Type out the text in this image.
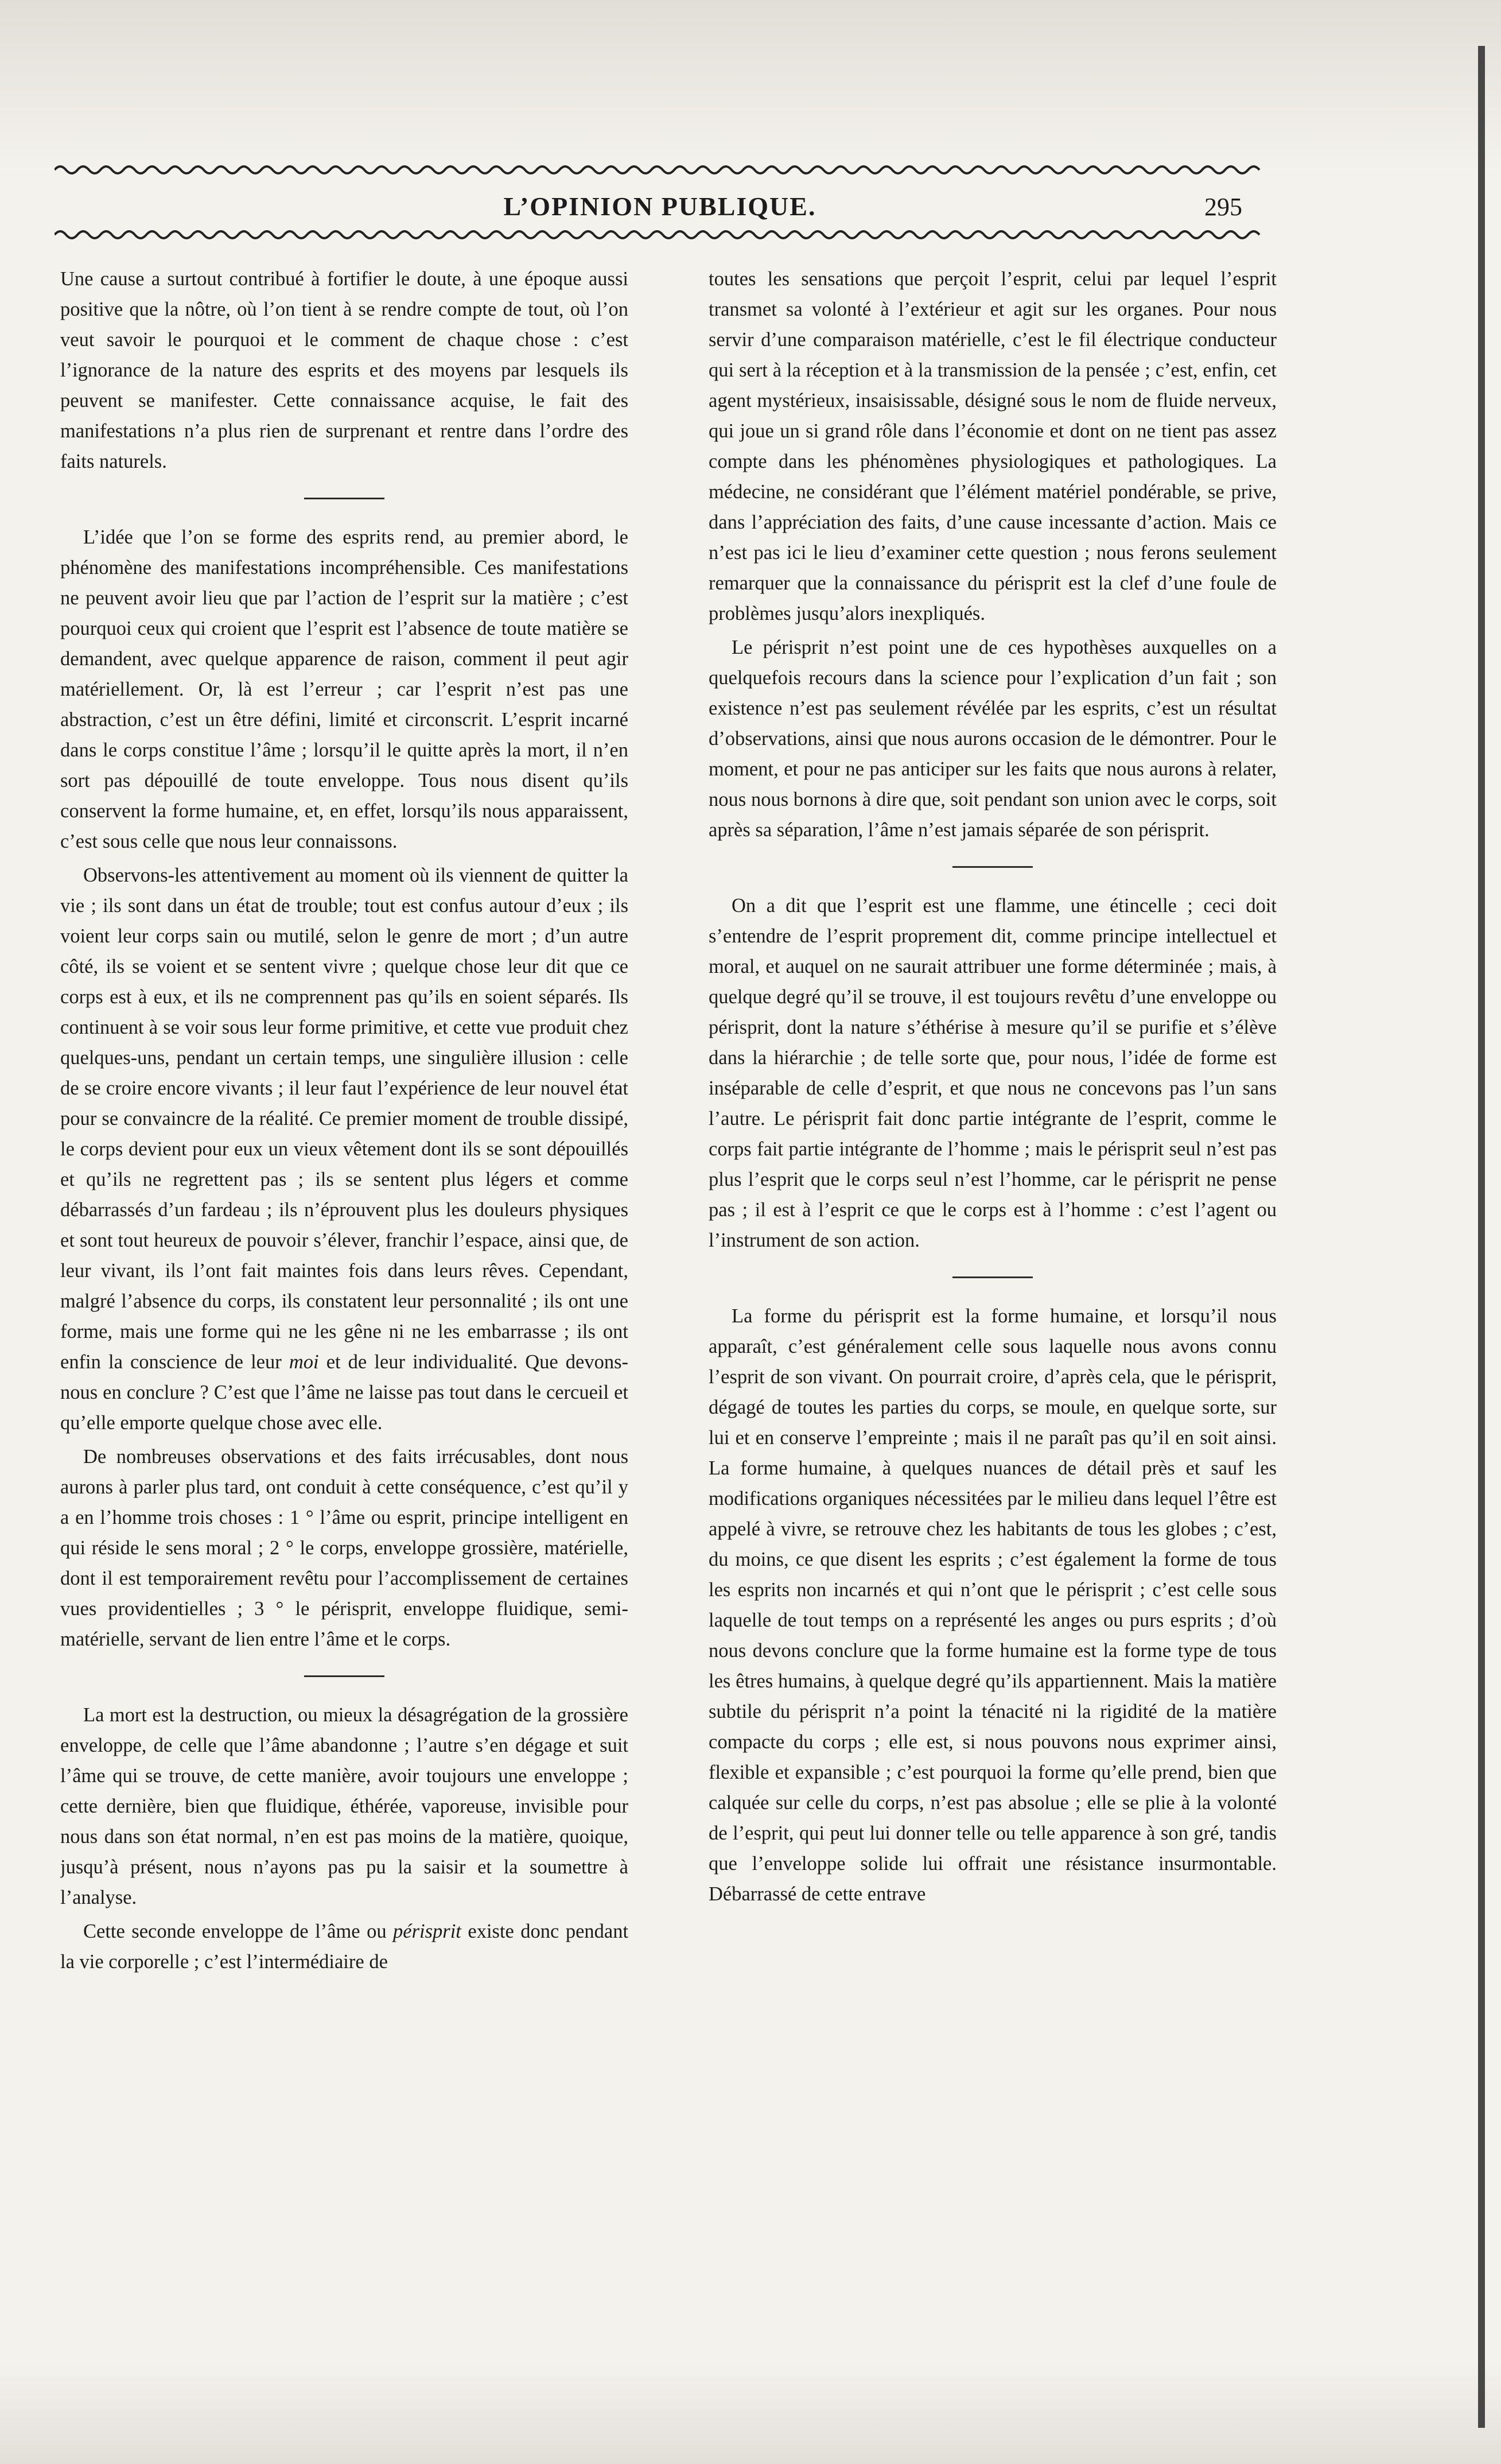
L’OPINION PUBLIQUE.	295

Une cause a surtout contribué à fortifier le doute, à une époque aussi positive que la nôtre, où l’on tient à se rendre compte de tout, où l’on veut savoir le pourquoi et le comment de chaque chose : c’est l’ignorance de la nature des esprits et des moyens par lesquels ils peuvent se manifester. Cette connaissance acquise, le fait des manifestations n’a plus rien de surprenant et rentre dans l’ordre des faits naturels.

L’idée que l’on se forme des esprits rend, au premier abord, le phénomène des manifestations incompréhensible. Ces manifestations ne peuvent avoir lieu que par l’action de l’esprit sur la matière ; c’est pourquoi ceux qui croient que l’esprit est l’absence de toute matière se demandent, avec quelque apparence de raison, comment il peut agir matériellement. Or, là est l’erreur ; car l’esprit n’est pas une abstraction, c’est un être défini, limité et circonscrit. L’esprit incarné dans le corps constitue l’âme ; lorsqu’il le quitte après la mort, il n’en sort pas dépouillé de toute enveloppe. Tous nous disent qu’ils conservent la forme humaine, et, en effet, lorsqu’ils nous apparaissent, c’est sous celle que nous leur connaissons.

Observons-les attentivement au moment où ils viennent de quitter la vie ; ils sont dans un état de trouble; tout est confus autour d’eux ; ils voient leur corps sain ou mutilé, selon le genre de mort ; d’un autre côté, ils se voient et se sentent vivre ; quelque chose leur dit que ce corps est à eux, et ils ne comprennent pas qu’ils en soient séparés. Ils continuent à se voir sous leur forme primitive, et cette vue produit chez quelques-uns, pendant un certain temps, une singulière illusion : celle de se croire encore vivants ; il leur faut l’expérience de leur nouvel état pour se convaincre de la réalité. Ce premier moment de trouble dissipé, le corps devient pour eux un vieux vêtement dont ils se sont dépouillés et qu’ils ne regrettent pas ; ils se sentent plus légers et comme débarrassés d’un fardeau ; ils n’éprouvent plus les douleurs physiques et sont tout heureux de pouvoir s’élever, franchir l’espace, ainsi que, de leur vivant, ils l’ont fait maintes fois dans leurs rêves. Cependant, malgré l’absence du corps, ils constatent leur personnalité ; ils ont une forme, mais une forme qui ne les gêne ni ne les embarrasse ; ils ont enfin la conscience de leur moi et de leur individualité. Que devons-nous en conclure ? C’est que l’âme ne laisse pas tout dans le cercueil et qu’elle emporte quelque chose avec elle.

De nombreuses observations et des faits irrécusables, dont nous aurons à parler plus tard, ont conduit à cette conséquence, c’est qu’il y a en l’homme trois choses : 1 ° l’âme ou esprit, principe intelligent en qui réside le sens moral ; 2 ° le corps, enveloppe grossière, matérielle, dont il est temporairement revêtu pour l’accomplissement de certaines vues providentielles ; 3 ° le périsprit, enveloppe fluidique, semi-matérielle, servant de lien entre l’âme et le corps.

La mort est la destruction, ou mieux la désagrégation de la grossière enveloppe, de celle que l’âme abandonne ; l’autre s’en dégage et suit l’âme qui se trouve, de cette manière, avoir toujours une enveloppe ; cette dernière, bien que fluidique, éthérée, vaporeuse, invisible pour nous dans son état normal, n’en est pas moins de la matière, quoique, jusqu’à présent, nous n’ayons pas pu la saisir et la soumettre à l’analyse.

Cette seconde enveloppe de l’âme ou périsprit existe donc pendant la vie corporelle ; c’est l’intermédiaire de

toutes les sensations que perçoit l’esprit, celui par lequel l’esprit transmet sa volonté à l’extérieur et agit sur les organes. Pour nous servir d’une comparaison matérielle, c’est le fil électrique conducteur qui sert à la réception et à la transmission de la pensée ; c’est, enfin, cet agent mystérieux, insaisissable, désigné sous le nom de fluide nerveux, qui joue un si grand rôle dans l’économie et dont on ne tient pas assez compte dans les phénomènes physiologiques et pathologiques. La médecine, ne considérant que l’élément matériel pondérable, se prive, dans l’appréciation des faits, d’une cause incessante d’action. Mais ce n’est pas ici le lieu d’examiner cette question ; nous ferons seulement remarquer que la connaissance du périsprit est la clef d’une foule de problèmes jusqu’alors inexpliqués.

Le périsprit n’est point une de ces hypothèses auxquelles on a quelquefois recours dans la science pour l’explication d’un fait ; son existence n’est pas seulement révélée par les esprits, c’est un résultat d’observations, ainsi que nous aurons occasion de le démontrer. Pour le moment, et pour ne pas anticiper sur les faits que nous aurons à relater, nous nous bornons à dire que, soit pendant son union avec le corps, soit après sa séparation, l’âme n’est jamais séparée de son périsprit.

On a dit que l’esprit est une flamme, une étincelle ; ceci doit s’entendre de l’esprit proprement dit, comme principe intellectuel et moral, et auquel on ne saurait attribuer une forme déterminée ; mais, à quelque degré qu’il se trouve, il est toujours revêtu d’une enveloppe ou périsprit, dont la nature s’éthérise à mesure qu’il se purifie et s’élève dans la hiérarchie ; de telle sorte que, pour nous, l’idée de forme est inséparable de celle d’esprit, et que nous ne concevons pas l’un sans l’autre. Le périsprit fait donc partie intégrante de l’esprit, comme le corps fait partie intégrante de l’homme ; mais le périsprit seul n’est pas plus l’esprit que le corps seul n’est l’homme, car le périsprit ne pense pas ; il est à l’esprit ce que le corps est à l’homme : c’est l’agent ou l’instrument de son action.

La forme du périsprit est la forme humaine, et lorsqu’il nous apparaît, c’est généralement celle sous laquelle nous avons connu l’esprit de son vivant. On pourrait croire, d’après cela, que le périsprit, dégagé de toutes les parties du corps, se moule, en quelque sorte, sur lui et en conserve l’empreinte ; mais il ne paraît pas qu’il en soit ainsi. La forme humaine, à quelques nuances de détail près et sauf les modifications organiques nécessitées par le milieu dans lequel l’être est appelé à vivre, se retrouve chez les habitants de tous les globes ; c’est, du moins, ce que disent les esprits ; c’est également la forme de tous les esprits non incarnés et qui n’ont que le périsprit ; c’est celle sous laquelle de tout temps on a représenté les anges ou purs esprits ; d’où nous devons conclure que la forme humaine est la forme type de tous les êtres humains, à quelque degré qu’ils appartiennent. Mais la matière subtile du périsprit n’a point la ténacité ni la rigidité de la matière compacte du corps ; elle est, si nous pouvons nous exprimer ainsi, flexible et expansible ; c’est pourquoi la forme qu’elle prend, bien que calquée sur celle du corps, n’est pas absolue ; elle se plie à la volonté de l’esprit, qui peut lui donner telle ou telle apparence à son gré, tandis que l’enveloppe solide lui offrait une résistance insurmontable. Débarrassé de cette entrave
